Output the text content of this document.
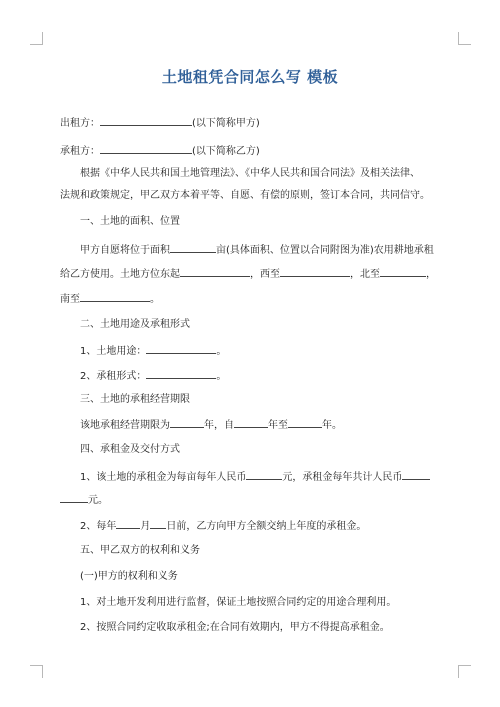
土地租凭合同怎么写 模板
出租方：	(以下简称甲方)
承租方：	(以下简称乙方)
根据《中华人民共和国土地管理法》、《中华人民共和国合同法》及相关法律、
法规和政策规定，甲乙双方本着平等、自愿、有偿的原则，签订本合同，共同信守。
一、土地的面积、位置
甲方自愿将位于面积	亩(具体面积、位置以合同附图为准)农用耕地承租
给乙方使用。土地方位东起	，西至	，北至	，
南至	。
二、土地用途及承租形式
1、土地用途：	。
2、承租形式：	。
三、土地的承租经营期限
该地承租经营期限为	年，自	年至	年。
四、承租金及交付方式
1、该土地的承租金为每亩每年人民币	元，承租金每年共计人民币
元。
2、每年 月 日前，乙方向甲方全额交纳上年度的承租金。
五、甲乙双方的权利和义务
(一)甲方的权利和义务
1、对土地开发利用进行监督，保证土地按照合同约定的用途合理利用。
2、按照合同约定收取承租金;在合同有效期内，甲方不得提高承租金。
